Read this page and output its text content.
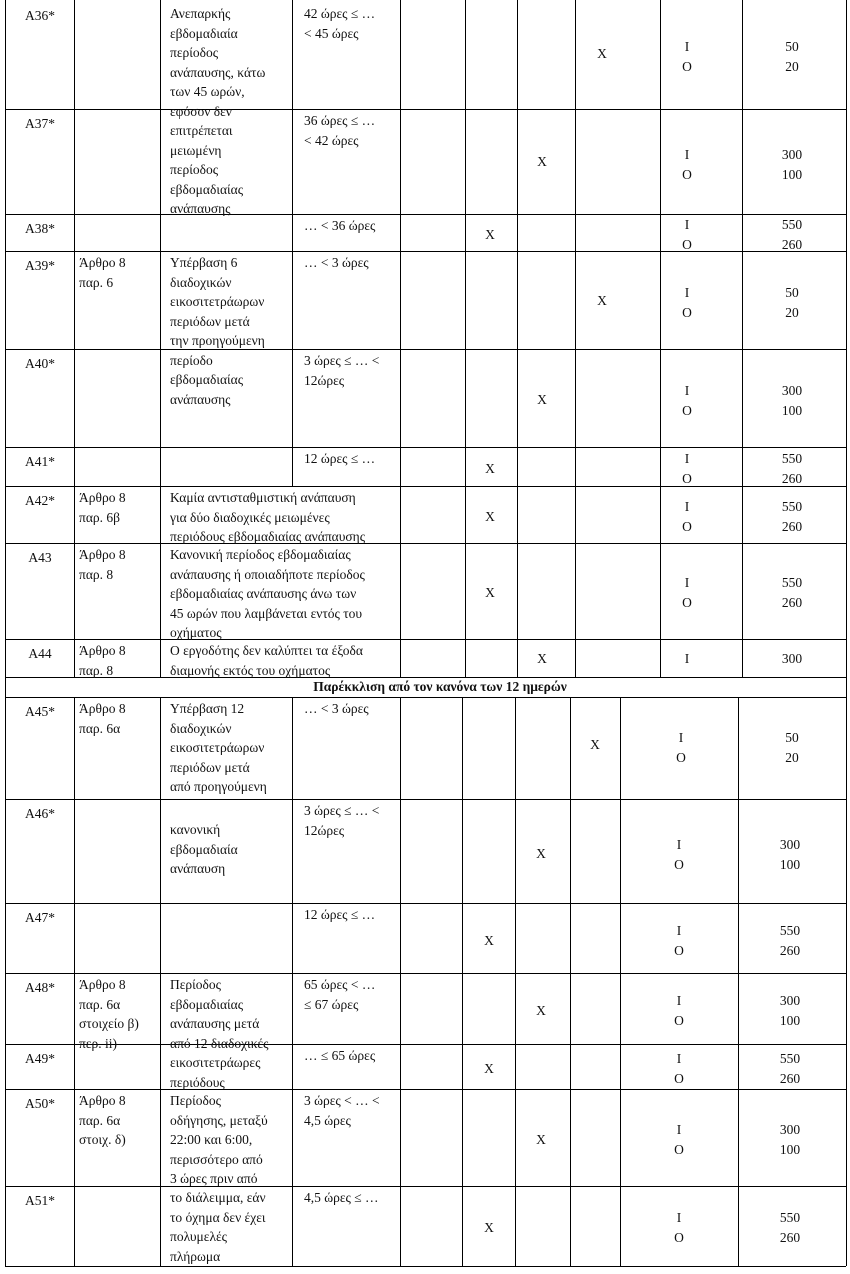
Παρέκκλιση από τον κανόνα των 12 ημερών
A36*
A37*
A38*
A39*
A40*
A41*
A42*
A43
A44
A45*
A46*
A47*
A48*
A49*
A50*
A51*
Άρθρο 8
παρ. 6
Άρθρο 8
παρ. 6β
Άρθρο 8
παρ. 8
Άρθρο 8
παρ. 8
Άρθρο 8
παρ. 6α
Άρθρο 8
παρ. 6α
στοιχείο β)
περ. ii)
Άρθρο 8
παρ. 6α
στοιχ. δ)
Ανεπαρκής
εβδομαδιαία
περίοδος
ανάπαυσης, κάτω
των 45 ωρών,
εφόσον δεν
επιτρέπεται
μειωμένη
περίοδος
εβδομαδιαίας
ανάπαυσης
Υπέρβαση 6
διαδοχικών
εικοσιτετράωρων
περιόδων μετά
την προηγούμενη
περίοδο
εβδομαδιαίας
ανάπαυσης
Καμία αντισταθμιστική ανάπαυση
για δύο διαδοχικές μειωμένες
περιόδους εβδομαδιαίας ανάπαυσης
Κανονική περίοδος εβδομαδιαίας
ανάπαυσης ή οποιαδήποτε περίοδος
εβδομαδιαίας ανάπαυσης άνω των
45 ωρών που λαμβάνεται εντός του
οχήματος
Ο εργοδότης δεν καλύπτει τα έξοδα
διαμονής εκτός του οχήματος
Υπέρβαση 12
διαδοχικών
εικοσιτετράωρων
περιόδων μετά
από προηγούμενη
κανονική
εβδομαδιαία
ανάπαυση
Περίοδος
εβδομαδιαίας
ανάπαυσης μετά
από 12 διαδοχικές
εικοσιτετράωρες
περιόδους
Περίοδος
οδήγησης, μεταξύ
22:00 και 6:00,
περισσότερο από
3 ώρες πριν από
το διάλειμμα, εάν
το όχημα δεν έχει
πολυμελές
πλήρωμα
42 ώρες ≤ …
< 45 ώρες
36 ώρες ≤ …
< 42 ώρες
… < 36 ώρες
… < 3 ώρες
3 ώρες ≤ … <
12ώρες
12 ώρες ≤ …
… < 3 ώρες
3 ώρες ≤ … <
12ώρες
12 ώρες ≤ …
65 ώρες < …
≤ 67 ώρες
… ≤ 65 ώρες
3 ώρες < … <
4,5 ώρες
4,5 ώρες ≤ …
X
X
X
X
X
X
X
X
X
X
X
X
X
X
X
X
I
O
I
O
I
O
I
O
I
O
I
O
I
O
I
O
I
I
O
I
O
I
O
I
O
I
O
I
O
I
O
50
20
300
100
550
260
50
20
300
100
550
260
550
260
550
260
300
50
20
300
100
550
260
300
100
550
260
300
100
550
260
